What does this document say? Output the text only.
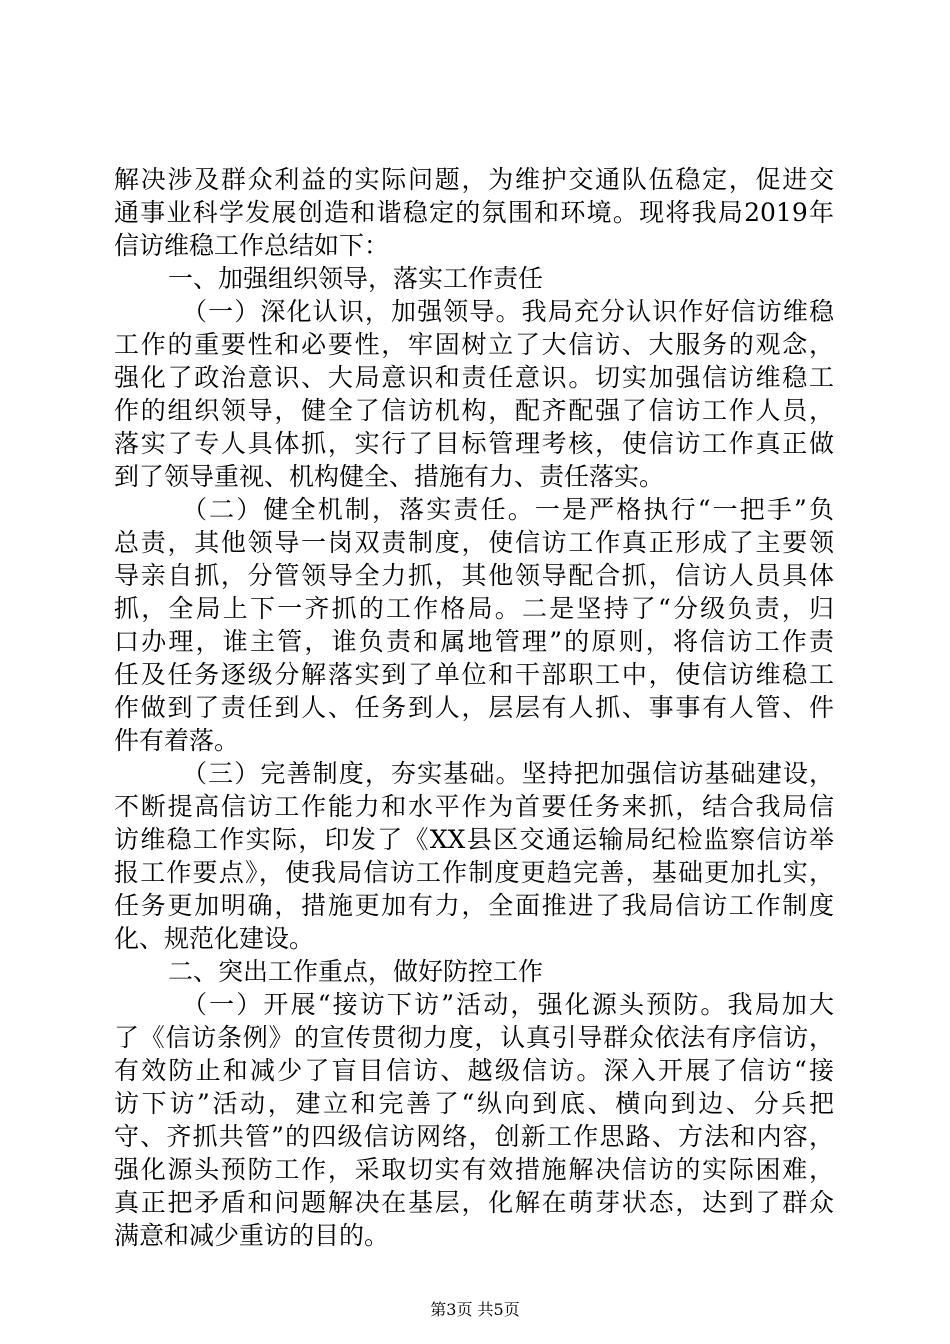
解决涉及群众利益的实际问题，为维护交通队伍稳定，促进交
通事业科学发展创造和谐稳定的氛围和环境。现将我局2019年
信访维稳工作总结如下：
一、加强组织领导，落实工作责任
（一）深化认识，加强领导。我局充分认识作好信访维稳
工作的重要性和必要性，牢固树立了大信访、大服务的观念，
强化了政治意识、大局意识和责任意识。切实加强信访维稳工
作的组织领导，健全了信访机构，配齐配强了信访工作人员，
落实了专人具体抓，实行了目标管理考核，使信访工作真正做
到了领导重视、机构健全、措施有力、责任落实。
（二）健全机制，落实责任。一是严格执行“一把手”负
总责，其他领导一岗双责制度，使信访工作真正形成了主要领
导亲自抓，分管领导全力抓，其他领导配合抓，信访人员具体
抓，全局上下一齐抓的工作格局。二是坚持了“分级负责，归
口办理，谁主管，谁负责和属地管理”的原则，将信访工作责
任及任务逐级分解落实到了单位和干部职工中，使信访维稳工
作做到了责任到人、任务到人，层层有人抓、事事有人管、件
件有着落。
（三）完善制度，夯实基础。坚持把加强信访基础建设，
不断提高信访工作能力和水平作为首要任务来抓，结合我局信
访维稳工作实际，印发了《XX县区交通运输局纪检监察信访举
报工作要点》，使我局信访工作制度更趋完善，基础更加扎实，
任务更加明确，措施更加有力，全面推进了我局信访工作制度
化、规范化建设。
二、突出工作重点，做好防控工作
（一）开展“接访下访”活动，强化源头预防。我局加大
了《信访条例》的宣传贯彻力度，认真引导群众依法有序信访，
有效防止和减少了盲目信访、越级信访。深入开展了信访“接
访下访”活动，建立和完善了“纵向到底、横向到边、分兵把
守、齐抓共管”的四级信访网络，创新工作思路、方法和内容，
强化源头预防工作，采取切实有效措施解决信访的实际困难，
真正把矛盾和问题解决在基层，化解在萌芽状态，达到了群众
满意和减少重访的目的。
第3页 共5页
